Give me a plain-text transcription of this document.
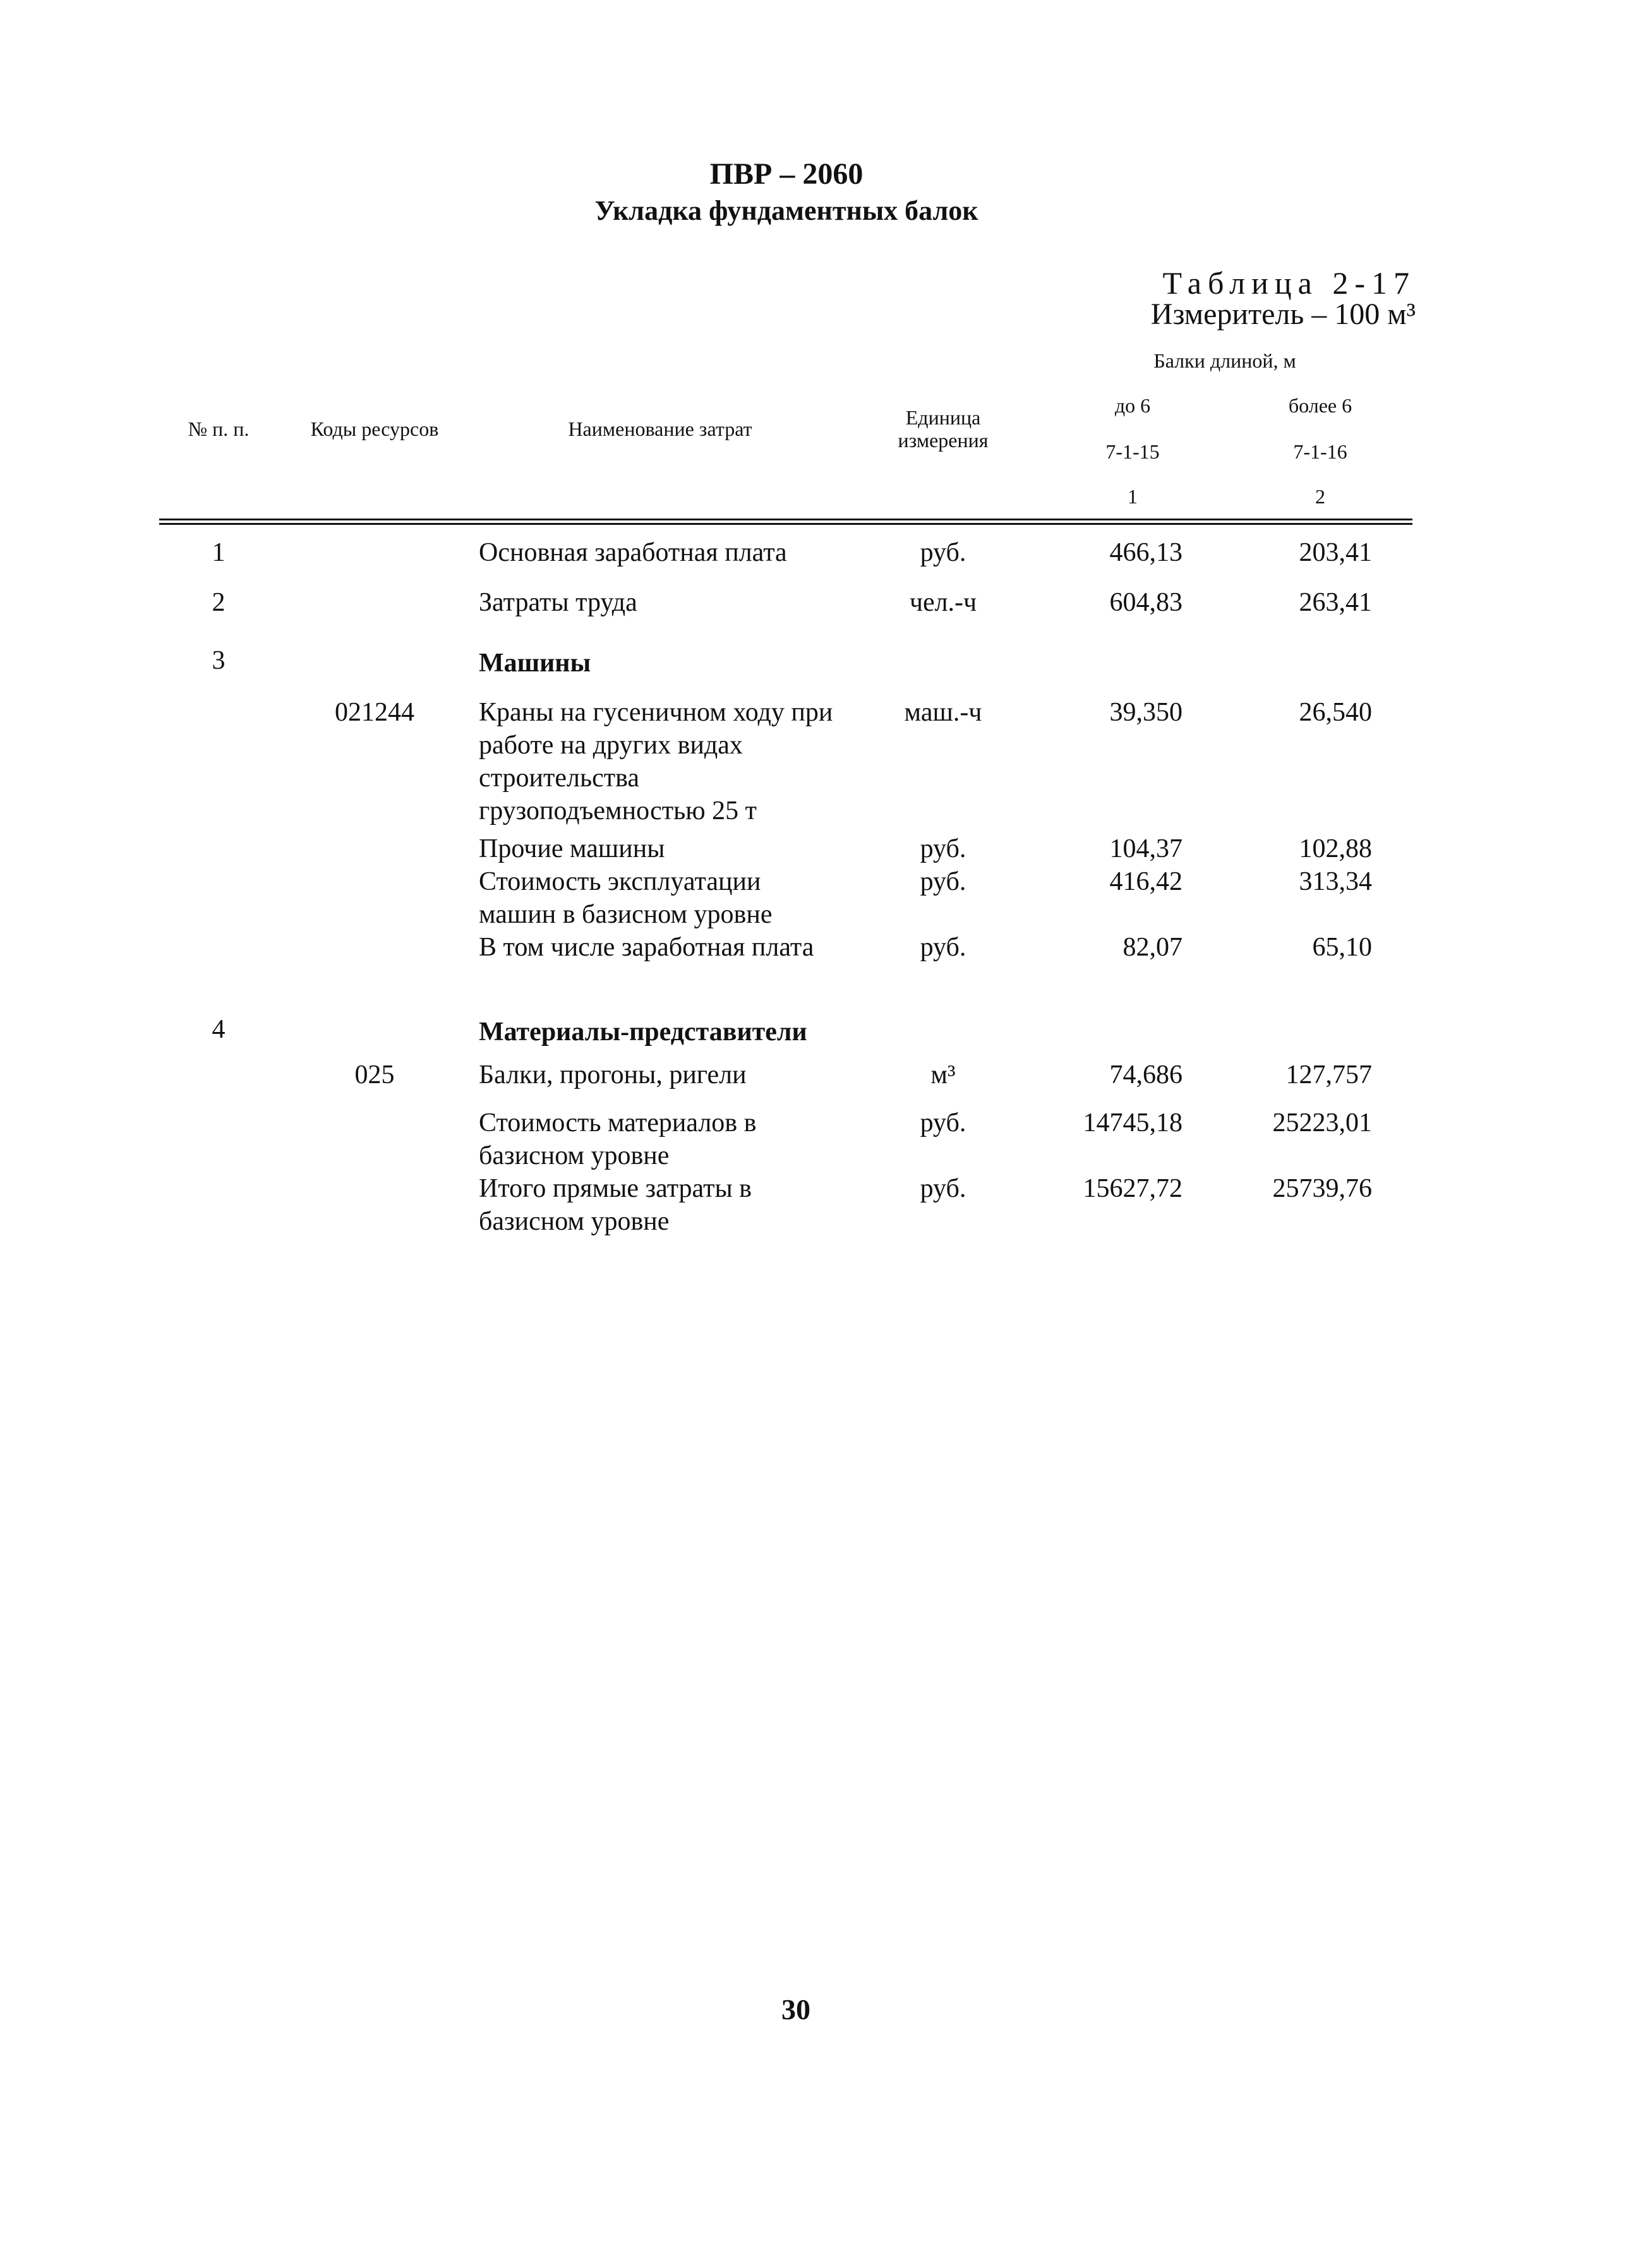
ПВР – 2060
Укладка фундаментных балок
Таблица 2-17
Измеритель – 100 м³
№ п. п.	Коды ресурсов	Наименование затрат	Единица измерения	Балки длиной, м	
				до 6	более 6
				7-1-15	7-1-16
				1	2
1		Основная заработная плата	руб.	466,13	203,41
2		Затраты труда	чел.-ч	604,83	263,41
3		Машины			
	021244	Краны на гусеничном ходу при работе на других видах строительства грузоподъемностью 25 т	маш.-ч	39,350	26,540
		Прочие машины	руб.	104,37	102,88
		Стоимость эксплуатации машин в базисном уровне	руб.	416,42	313,34
		В том числе заработная плата	руб.	82,07	65,10
4		Материалы-представители			
	025	Балки, прогоны, ригели	м³	74,686	127,757
		Стоимость материалов в базисном уровне	руб.	14745,18	25223,01
		Итого прямые затраты в базисном уровне	руб.	15627,72	25739,76
30
